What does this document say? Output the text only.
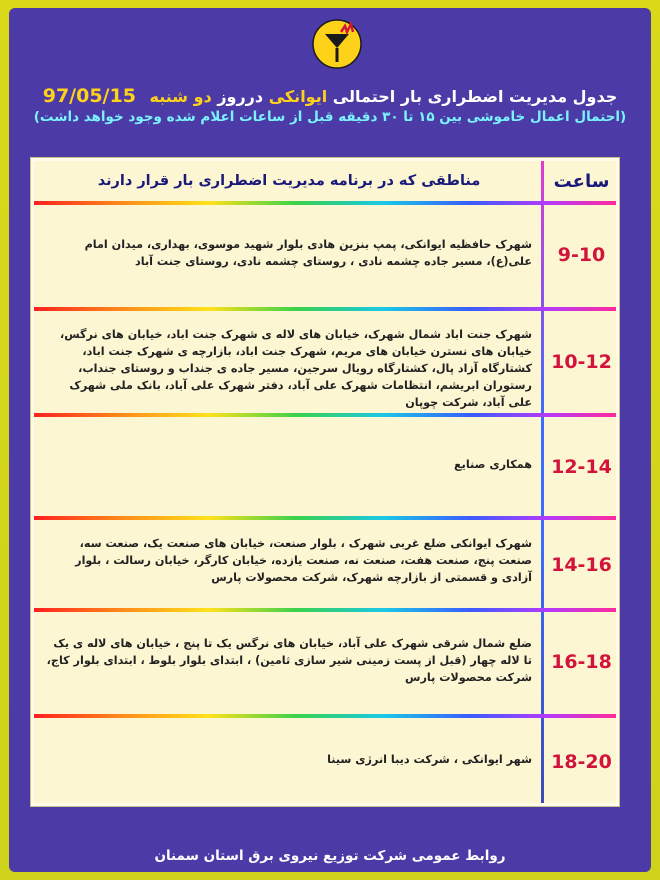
جدول مدیریت اضطراری بار احتمالی ایوانکی درروز دو شنبه 97/05/15
(احتمال اعمال خاموشی بین ۱۵ تا ۳۰ دقیقه قبل از ساعات اعلام شده وجود خواهد داشت)
ساعت
مناطقی که در برنامه مدیریت اضطراری بار قرار دارند
9-10
شهرک حافظیه ایوانکی، پمپ بنزین هادی بلوار شهید موسوی، بهداری، میدان امام علی(ع)، مسیر جاده چشمه نادی ، روستای چشمه نادی، روستای جنت آباد
10-12
شهرک جنت اباد شمال شهرک، خیابان های لاله ی شهرک جنت اباد، خیابان های نرگس، خیابان های نسترن خیابان های مریم، شهرک جنت اباد، بازارچه ی شهرک جنت اباد، کشتارگاه آزاد پال، کشتارگاه رویال سرجین، مسیر جاده ی جنداب و روستای جنداب، رستوران ابریشم، انتظامات شهرک علی آباد، دفتر شهرک علی آباد، بانک ملی شهرک علی آباد، شرکت چوپان
12-14
همکاری صنایع
14-16
شهرک ایوانکی ضلع غربی شهرک ، بلوار صنعت، خیابان های صنعت یک، صنعت سه، صنعت پنج، صنعت هفت، صنعت نه، صنعت یازده، خیابان کارگر، خیابان رسالت ، بلوار آزادی و قسمتی از بازارچه شهرک، شرکت محصولات پارس
16-18
ضلع شمال شرقی شهرک علی آباد، خیابان های نرگس یک تا پنج ، خیابان های لاله ی یک تا لاله چهار (قبل از پست زمینی شیر سازی ثامین) ، ابتدای بلوار بلوط ، ابتدای بلوار کاج، شرکت محصولات پارس
18-20
شهر ایوانکی ، شرکت دیبا انرژی سینا
روابط عمومی شرکت توزیع نیروی برق استان سمنان
